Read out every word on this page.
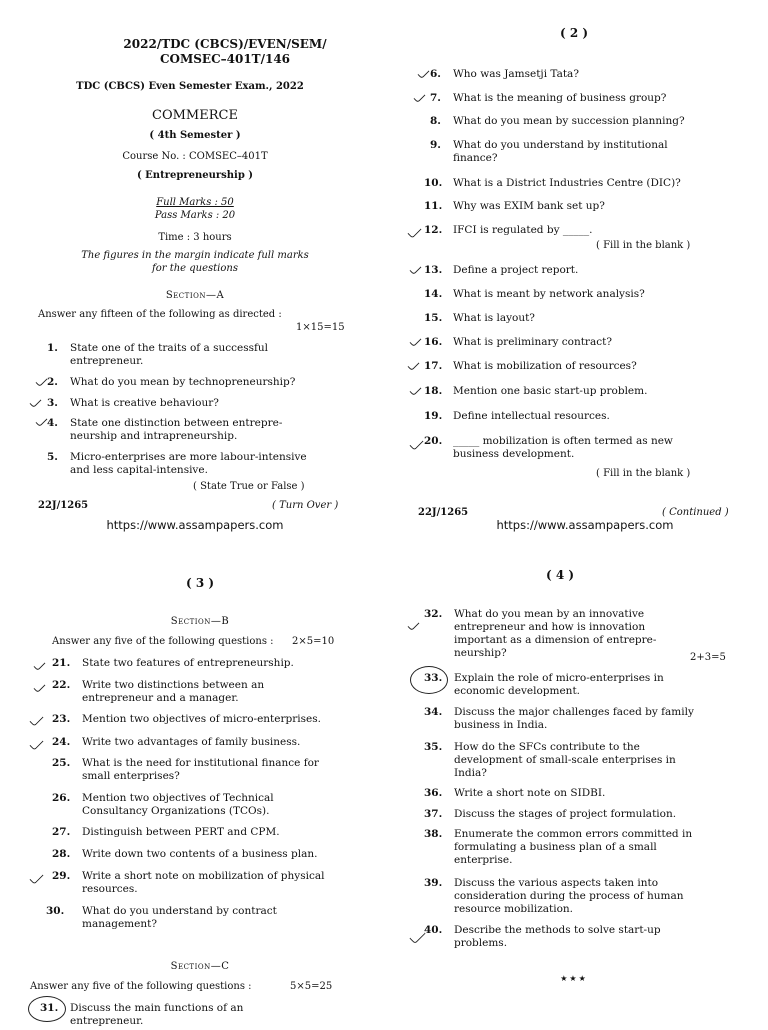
2022/TDC (CBCS)/EVEN/SEM/
COMSEC–401T/146
TDC (CBCS) Even Semester Exam., 2022
COMMERCE
( 4th Semester )
Course No. : COMSEC–401T
( Entrepreneurship )
Full Marks : 50
Pass Marks : 20
Time : 3 hours
The figures in the margin indicate full marks
for the questions
Section—A
Answer any fifteen of the following as directed :
1×15=15
1. State one of the traits of a successful
entrepreneur.
2. What do you mean by technopreneurship?
3. What is creative behaviour?
4. State one distinction between entrepre-
neurship and intrapreneurship.
5. Micro-enterprises are more labour-intensive
and less capital-intensive.
( State True or False )
22J/1265	( Turn Over )
https://www.assampapers.com
( 2 )
6. Who was Jamsetji Tata?
7. What is the meaning of business group?
8. What do you mean by succession planning?
9. What do you understand by institutional
finance?
10. What is a District Industries Centre (DIC)?
11. Why was EXIM bank set up?
12. IFCI is regulated by _____.
( Fill in the blank )
13. Define a project report.
14. What is meant by network analysis?
15. What is layout?
16. What is preliminary contract?
17. What is mobilization of resources?
18. Mention one basic start-up problem.
19. Define intellectual resources.
20. _____ mobilization is often termed as new
business development.
( Fill in the blank )
22J/1265	( Continued )
https://www.assampapers.com
( 3 )
Section—B
Answer any five of the following questions :	2×5=10
21. State two features of entrepreneurship.
22. Write two distinctions between an
entrepreneur and a manager.
23. Mention two objectives of micro-enterprises.
24. Write two advantages of family business.
25. What is the need for institutional finance for
small enterprises?
26. Mention two objectives of Technical
Consultancy Organizations (TCOs).
27. Distinguish between PERT and CPM.
28. Write down two contents of a business plan.
29. Write a short note on mobilization of physical
resources.
30. What do you understand by contract
management?
Section—C
Answer any five of the following questions :	5×5=25
31. Discuss the main functions of an
entrepreneur.
( 4 )
32. What do you mean by an innovative
entrepreneur and how is innovation
important as a dimension of entrepre-
neurship?	2+3=5
33. Explain the role of micro-enterprises in
economic development.
34. Discuss the major challenges faced by family
business in India.
35. How do the SFCs contribute to the
development of small-scale enterprises in
India?
36. Write a short note on SIDBI.
37. Discuss the stages of project formulation.
38. Enumerate the common errors committed in
formulating a business plan of a small
enterprise.
39. Discuss the various aspects taken into
consideration during the process of human
resource mobilization.
40. Describe the methods to solve start-up
problems.
★★★
